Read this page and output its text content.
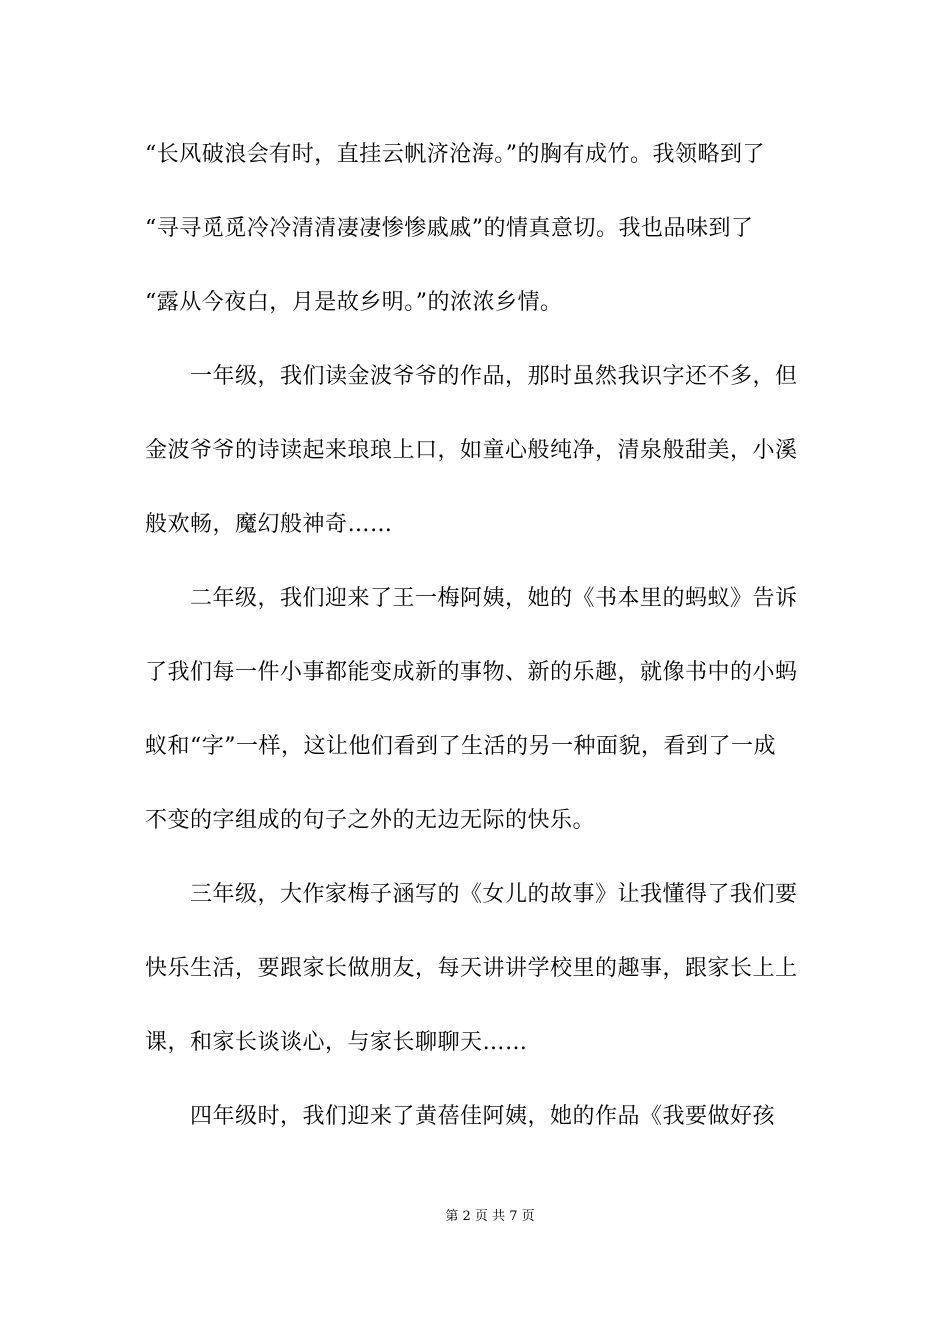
“长风破浪会有时，直挂云帆济沧海。”的胸有成竹。我领略到了
“寻寻觅觅冷冷清清凄凄惨惨戚戚”的情真意切。我也品味到了
“露从今夜白，月是故乡明。”的浓浓乡情。
一年级，我们读金波爷爷的作品，那时虽然我识字还不多，但
金波爷爷的诗读起来琅琅上口，如童心般纯净，清泉般甜美，小溪
般欢畅，魔幻般神奇……
二年级，我们迎来了王一梅阿姨，她的《书本里的蚂蚁》告诉
了我们每一件小事都能变成新的事物、新的乐趣，就像书中的小蚂
蚁和“字”一样，这让他们看到了生活的另一种面貌，看到了一成
不变的字组成的句子之外的无边无际的快乐。
三年级，大作家梅子涵写的《女儿的故事》让我懂得了我们要
快乐生活，要跟家长做朋友，每天讲讲学校里的趣事，跟家长上上
课，和家长谈谈心，与家长聊聊天……
四年级时，我们迎来了黄蓓佳阿姨，她的作品《我要做好孩
第 2 页 共 7 页
